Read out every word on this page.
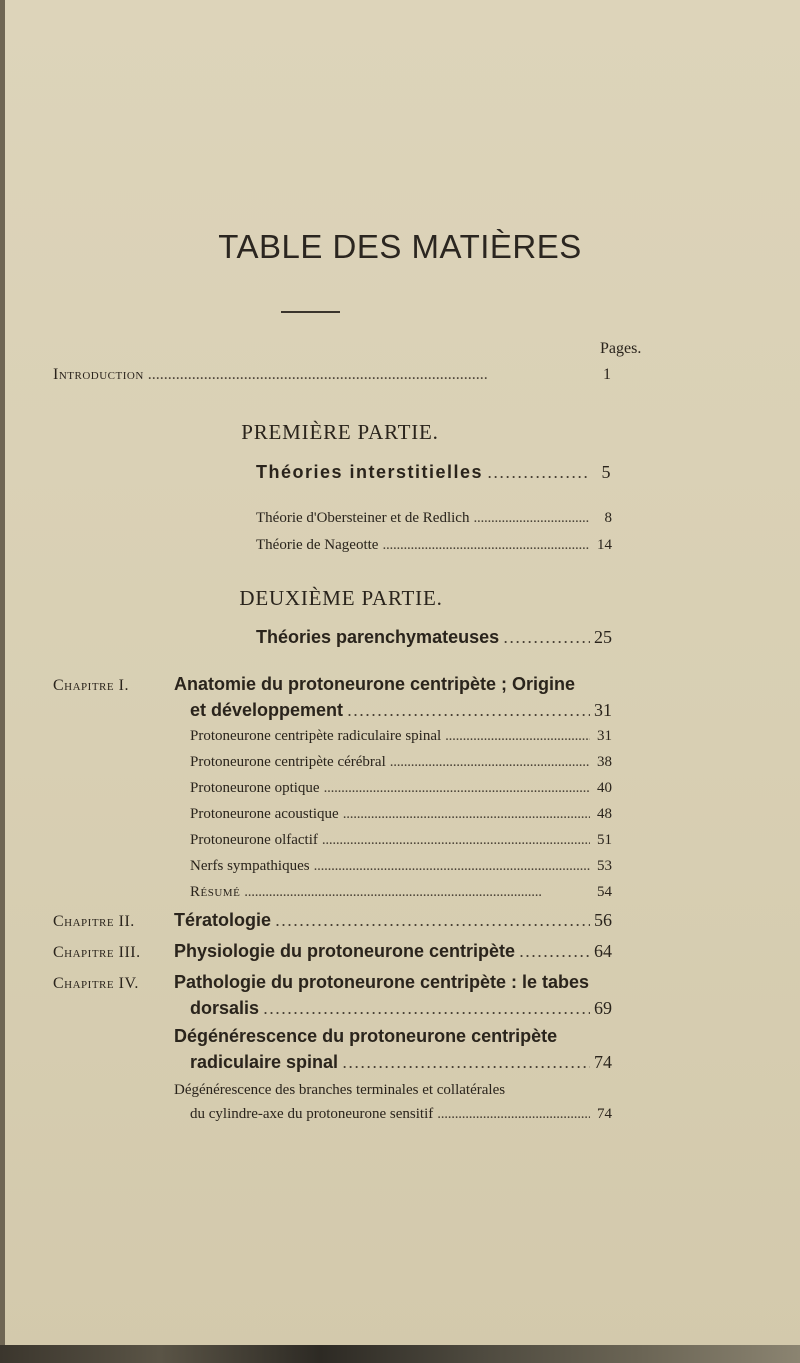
TABLE DES MATIÈRES
Pages.
Introduction . . .	1
PREMIÈRE PARTIE.
Théories interstitielles . . .	5
Théorie d'Obersteiner et de Redlich . . .	8
Théorie de Nageotte . . .	14
DEUXIÈME PARTIE.
Théories parenchymateuses . . .	25
Chapitre I.	Anatomie du protoneurone centripète ; Origine
et développement . . .	31
Protoneurone centripète radiculaire spinal . . .	31
Protoneurone centripète cérébral . . .	38
Protoneurone optique . . .	40
Protoneurone acoustique . . .	48
Protoneurone olfactif . . .	51
Nerfs sympathiques . . .	53
Résumé . . .	54
Chapitre II. Tératologie . . .	56
Chapitre III. Physiologie du protoneurone centripète . . .	64
Chapitre IV. Pathologie du protoneurone centripète : le tabes
dorsalis . . .	69
Dégénérescence du protoneurone centripète
radiculaire spinal . . .	74
Dégénérescence des branches terminales et collatérales
du cylindre-axe du protoneurone sensitif . . .	74
